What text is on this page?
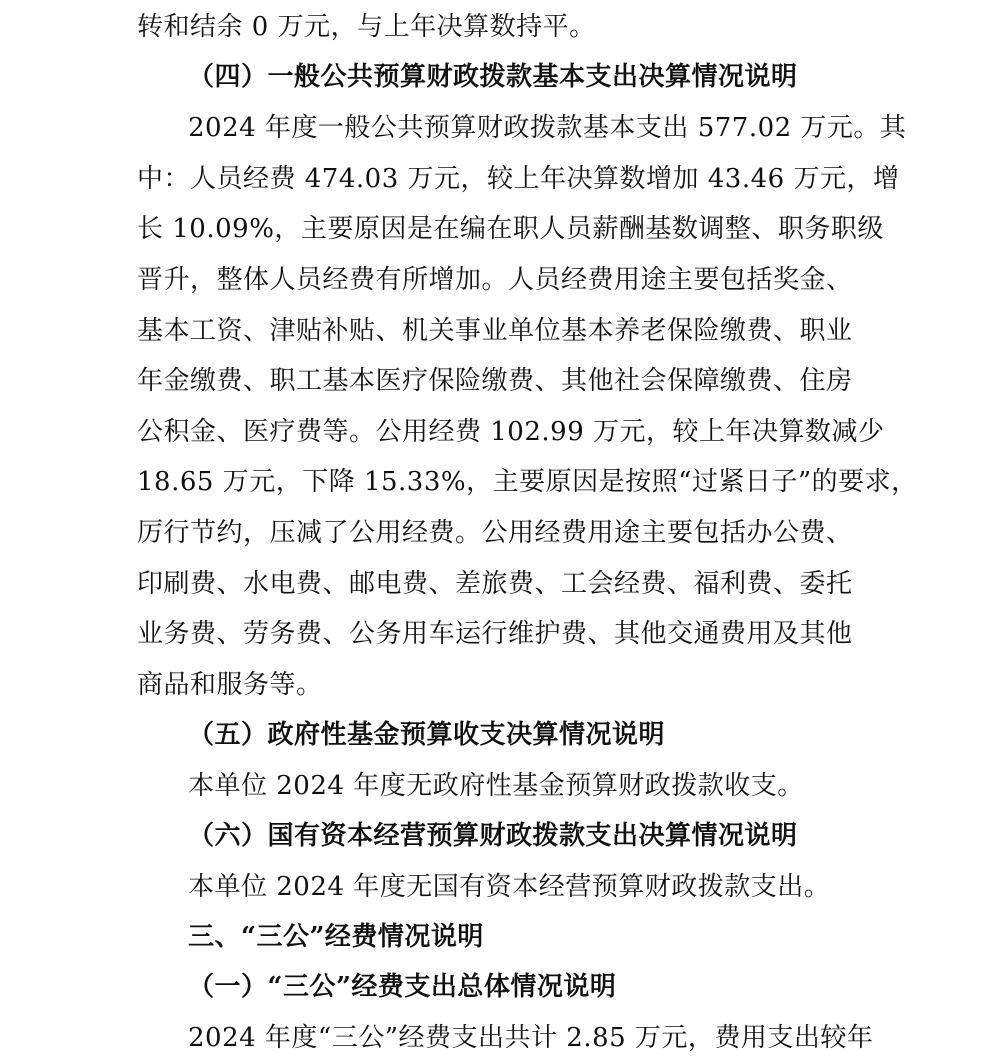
转和结余 0 万元，与上年决算数持平。
（四）一般公共预算财政拨款基本支出决算情况说明
2024 年度一般公共预算财政拨款基本支出 577.02 万元。其
中：人员经费 474.03 万元，较上年决算数增加 43.46 万元，增
长 10.09%，主要原因是在编在职人员薪酬基数调整、职务职级
晋升，整体人员经费有所增加。人员经费用途主要包括奖金、
基本工资、津贴补贴、机关事业单位基本养老保险缴费、职业
年金缴费、职工基本医疗保险缴费、其他社会保障缴费、住房
公积金、医疗费等。公用经费 102.99 万元，较上年决算数减少
18.65 万元，下降 15.33%，主要原因是按照“过紧日子”的要求，
厉行节约，压减了公用经费。公用经费用途主要包括办公费、
印刷费、水电费、邮电费、差旅费、工会经费、福利费、委托
业务费、劳务费、公务用车运行维护费、其他交通费用及其他
商品和服务等。
（五）政府性基金预算收支决算情况说明
本单位 2024 年度无政府性基金预算财政拨款收支。
（六）国有资本经营预算财政拨款支出决算情况说明
本单位 2024 年度无国有资本经营预算财政拨款支出。
三、“三公”经费情况说明
（一）“三公”经费支出总体情况说明
2024 年度“三公”经费支出共计 2.85 万元，费用支出较年
